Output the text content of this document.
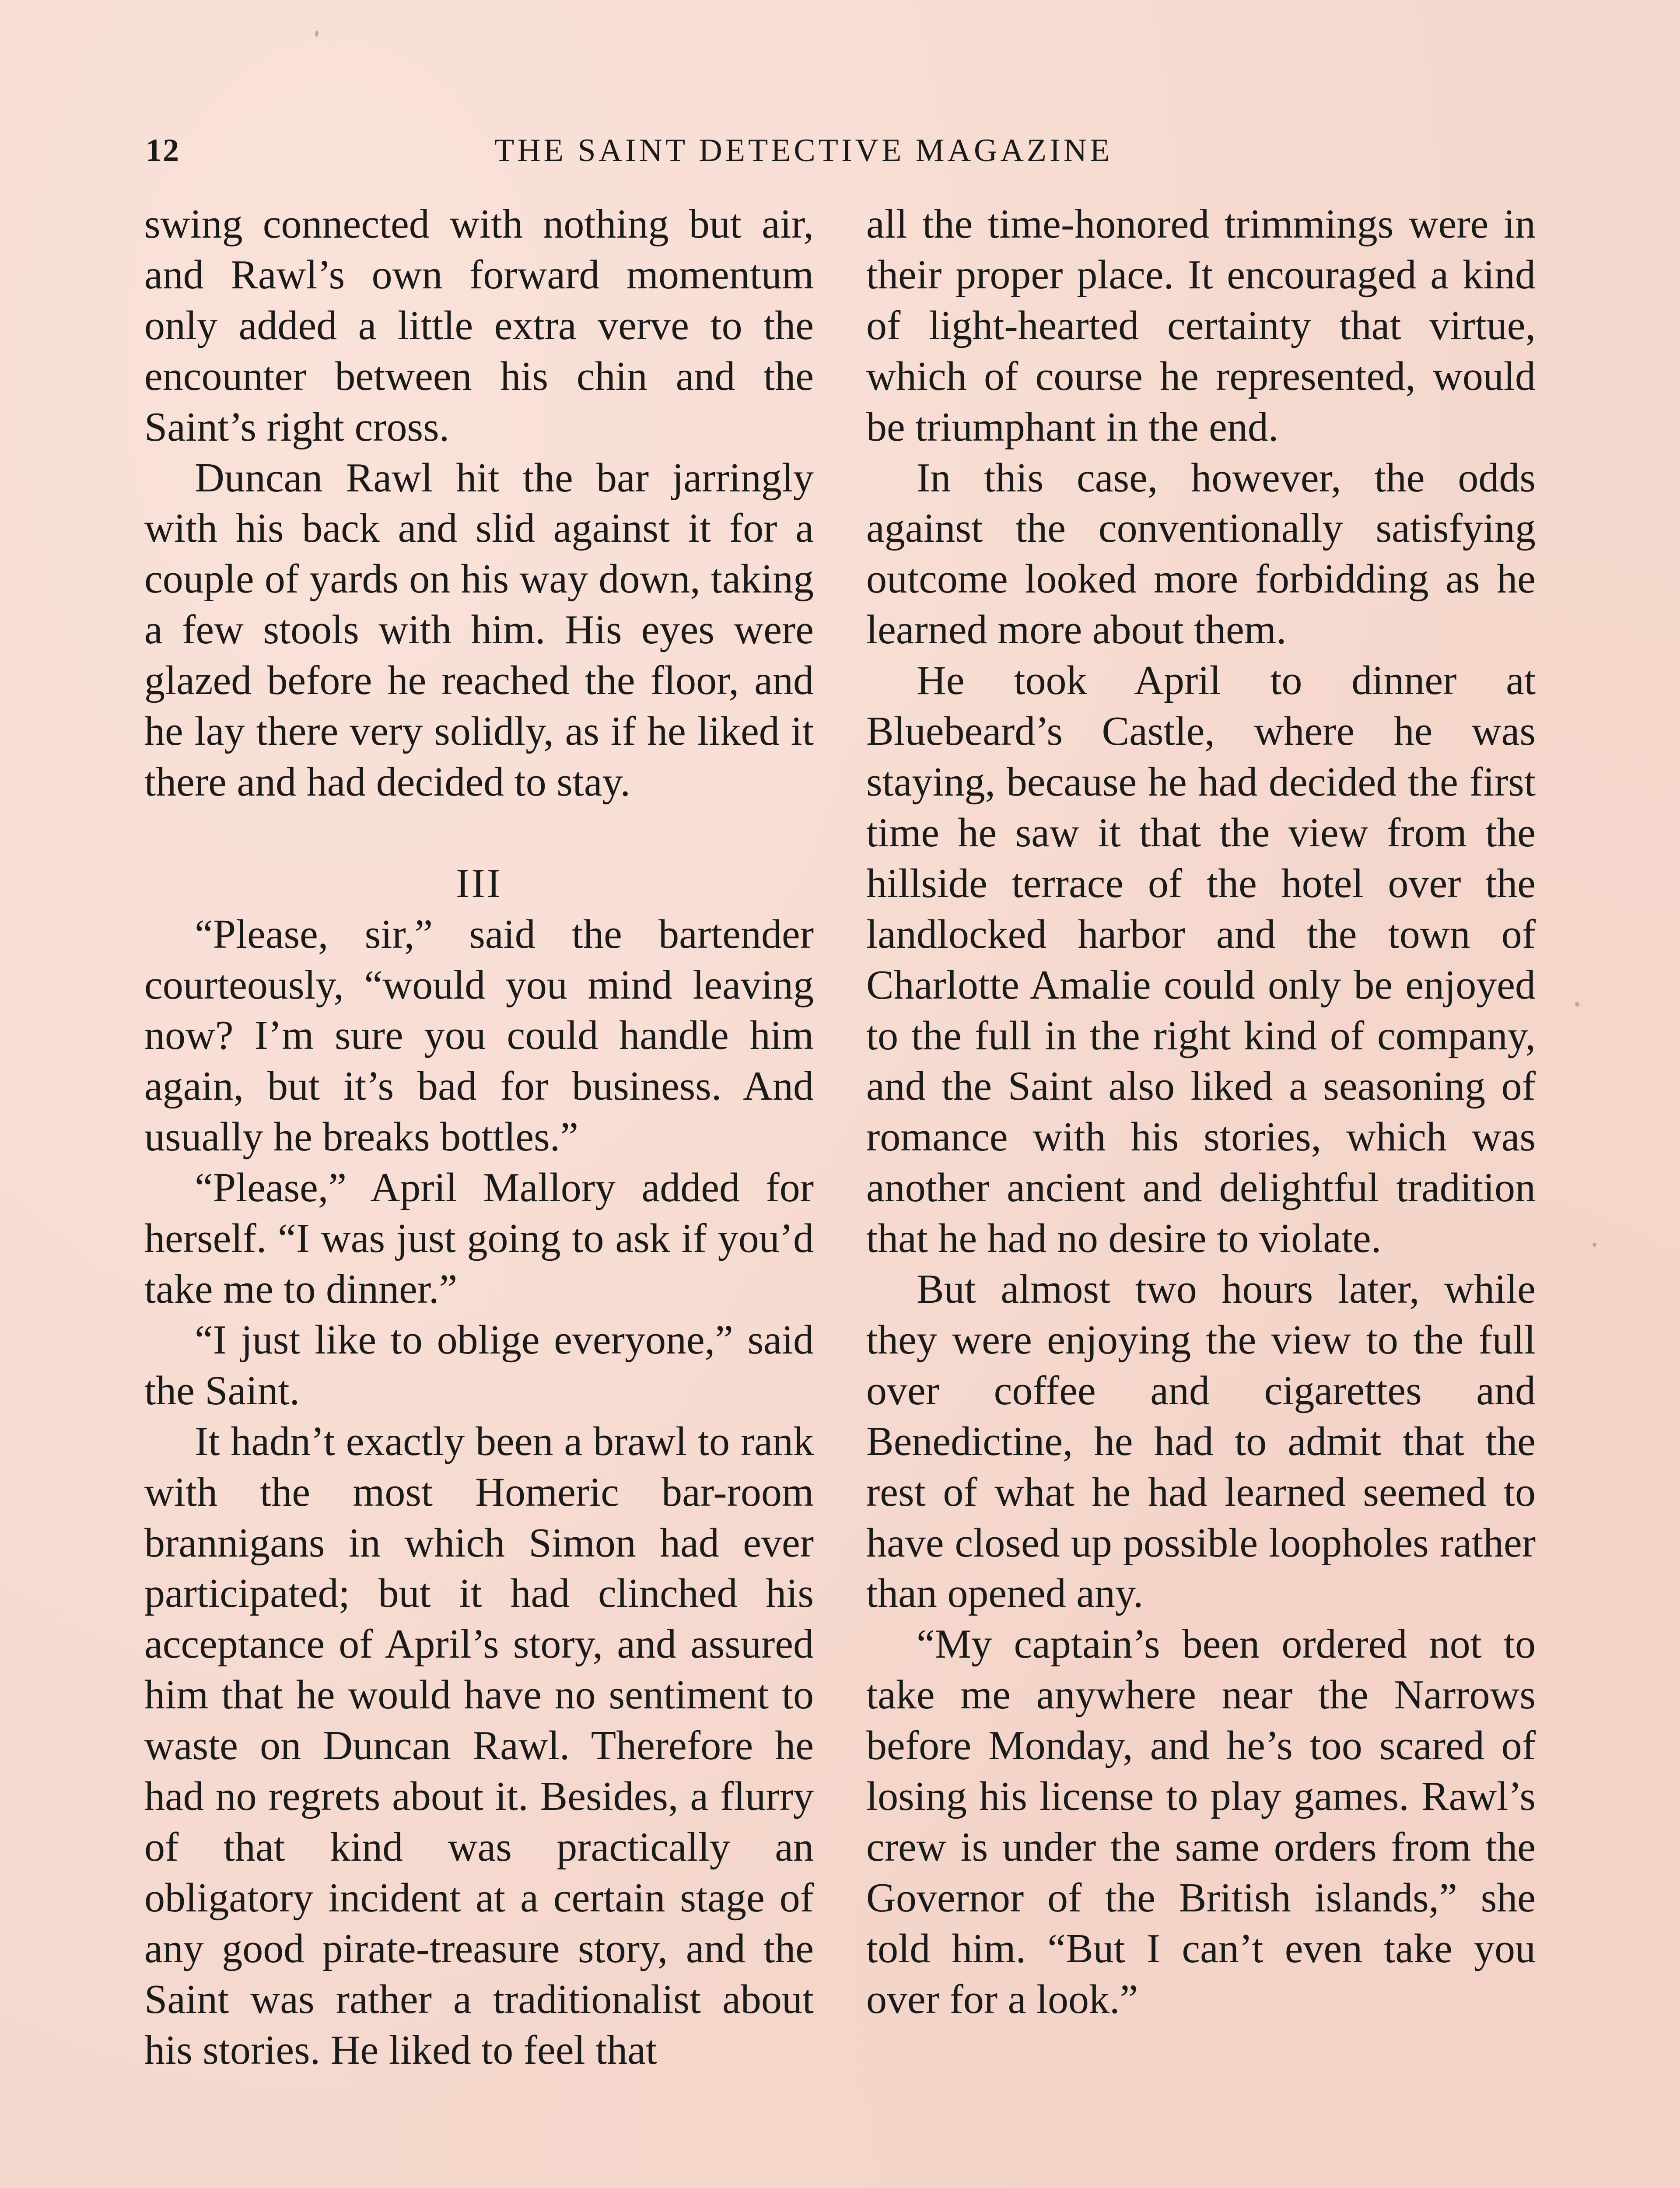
12	THE SAINT DETECTIVE MAGAZINE

swing connected with nothing but air, and Rawl’s own forward momentum only added a little extra verve to the encounter between his chin and the Saint’s right cross.

Duncan Rawl hit the bar jarringly with his back and slid against it for a couple of yards on his way down, taking a few stools with him. His eyes were glazed before he reached the floor, and he lay there very solidly, as if he liked it there and had decided to stay.

III

“Please, sir,” said the bartender courteously, “would you mind leaving now? I’m sure you could handle him again, but it’s bad for business. And usually he breaks bottles.”

“Please,” April Mallory added for herself. “I was just going to ask if you’d take me to dinner.”

“I just like to oblige everyone,” said the Saint.

It hadn’t exactly been a brawl to rank with the most Homeric bar-room brannigans in which Simon had ever participated; but it had clinched his acceptance of April’s story, and assured him that he would have no sentiment to waste on Duncan Rawl. Therefore he had no regrets about it. Besides, a flurry of that kind was practically an obligatory incident at a certain stage of any good pirate-treasure story, and the Saint was rather a traditionalist about his stories. He liked to feel that

all the time-honored trimmings were in their proper place. It encouraged a kind of light-hearted certainty that virtue, which of course he represented, would be triumphant in the end.

In this case, however, the odds against the conventionally satisfying outcome looked more forbidding as he learned more about them.

He took April to dinner at Bluebeard’s Castle, where he was staying, because he had decided the first time he saw it that the view from the hillside terrace of the hotel over the landlocked harbor and the town of Charlotte Amalie could only be enjoyed to the full in the right kind of company, and the Saint also liked a seasoning of romance with his stories, which was another ancient and delightful tradition that he had no desire to violate.

But almost two hours later, while they were enjoying the view to the full over coffee and cigarettes and Benedictine, he had to admit that the rest of what he had learned seemed to have closed up possible loopholes rather than opened any.

“My captain’s been ordered not to take me anywhere near the Narrows before Monday, and he’s too scared of losing his license to play games. Rawl’s crew is under the same orders from the Governor of the British islands,” she told him. “But I can’t even take you over for a look.”
